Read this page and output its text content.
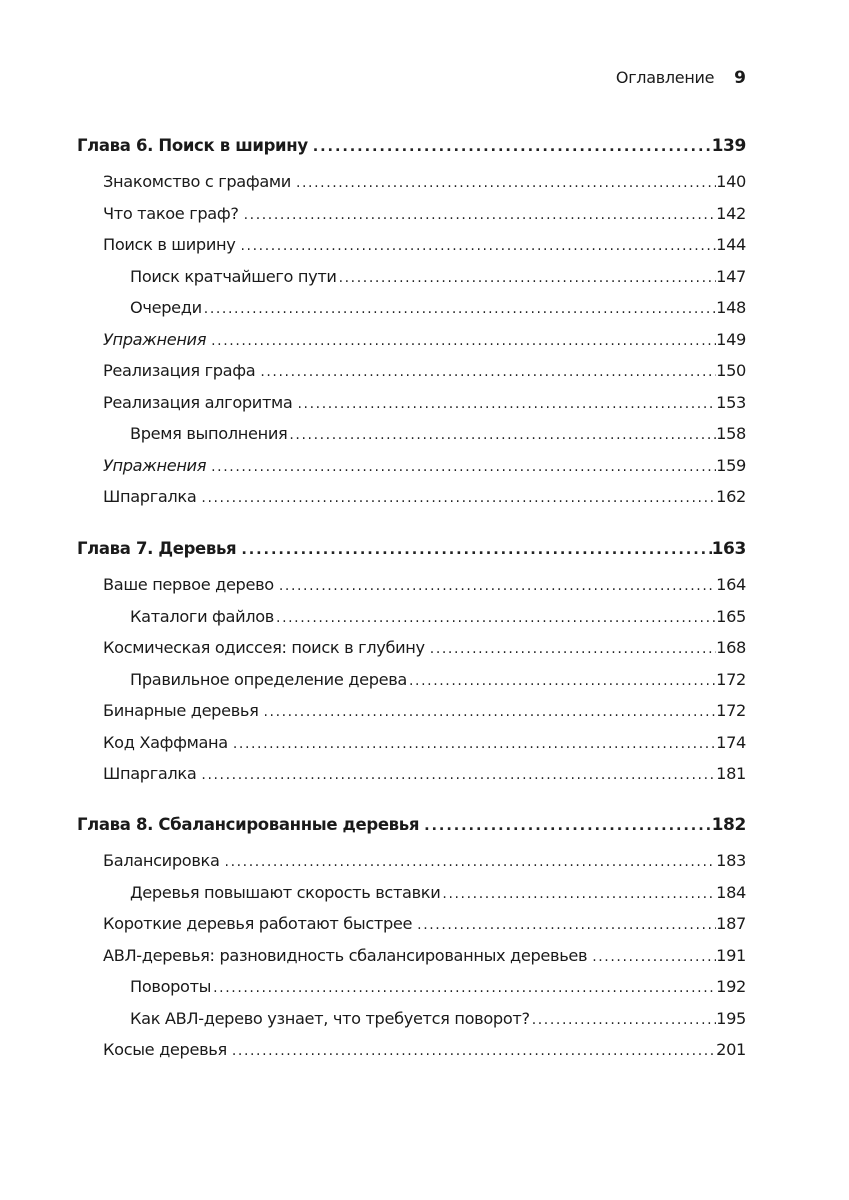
Оглавление 9
Глава 6. Поиск в ширину .....	139
Знакомство с графами .....	140
Что такое граф? .....	142
Поиск в ширину .....	144
Поиск кратчайшего пути .....	147
Очереди .....	148
Упражнения .....	149
Реализация графа .....	150
Реализация алгоритма .....	153
Время выполнения .....	158
Упражнения .....	159
Шпаргалка .....	162
Глава 7. Деревья .....	163
Ваше первое дерево .....	164
Каталоги файлов .....	165
Космическая одиссея: поиск в глубину .....	168
Правильное определение дерева .....	172
Бинарные деревья .....	172
Код Хаффмана .....	174
Шпаргалка .....	181
Глава 8. Сбалансированные деревья .....	182
Балансировка .....	183
Деревья повышают скорость вставки .....	184
Короткие деревья работают быстрее .....	187
АВЛ-деревья: разновидность сбалансированных деревьев .....	191
Повороты .....	192
Как АВЛ-дерево узнает, что требуется поворот? .....	195
Косые деревья .....	201
